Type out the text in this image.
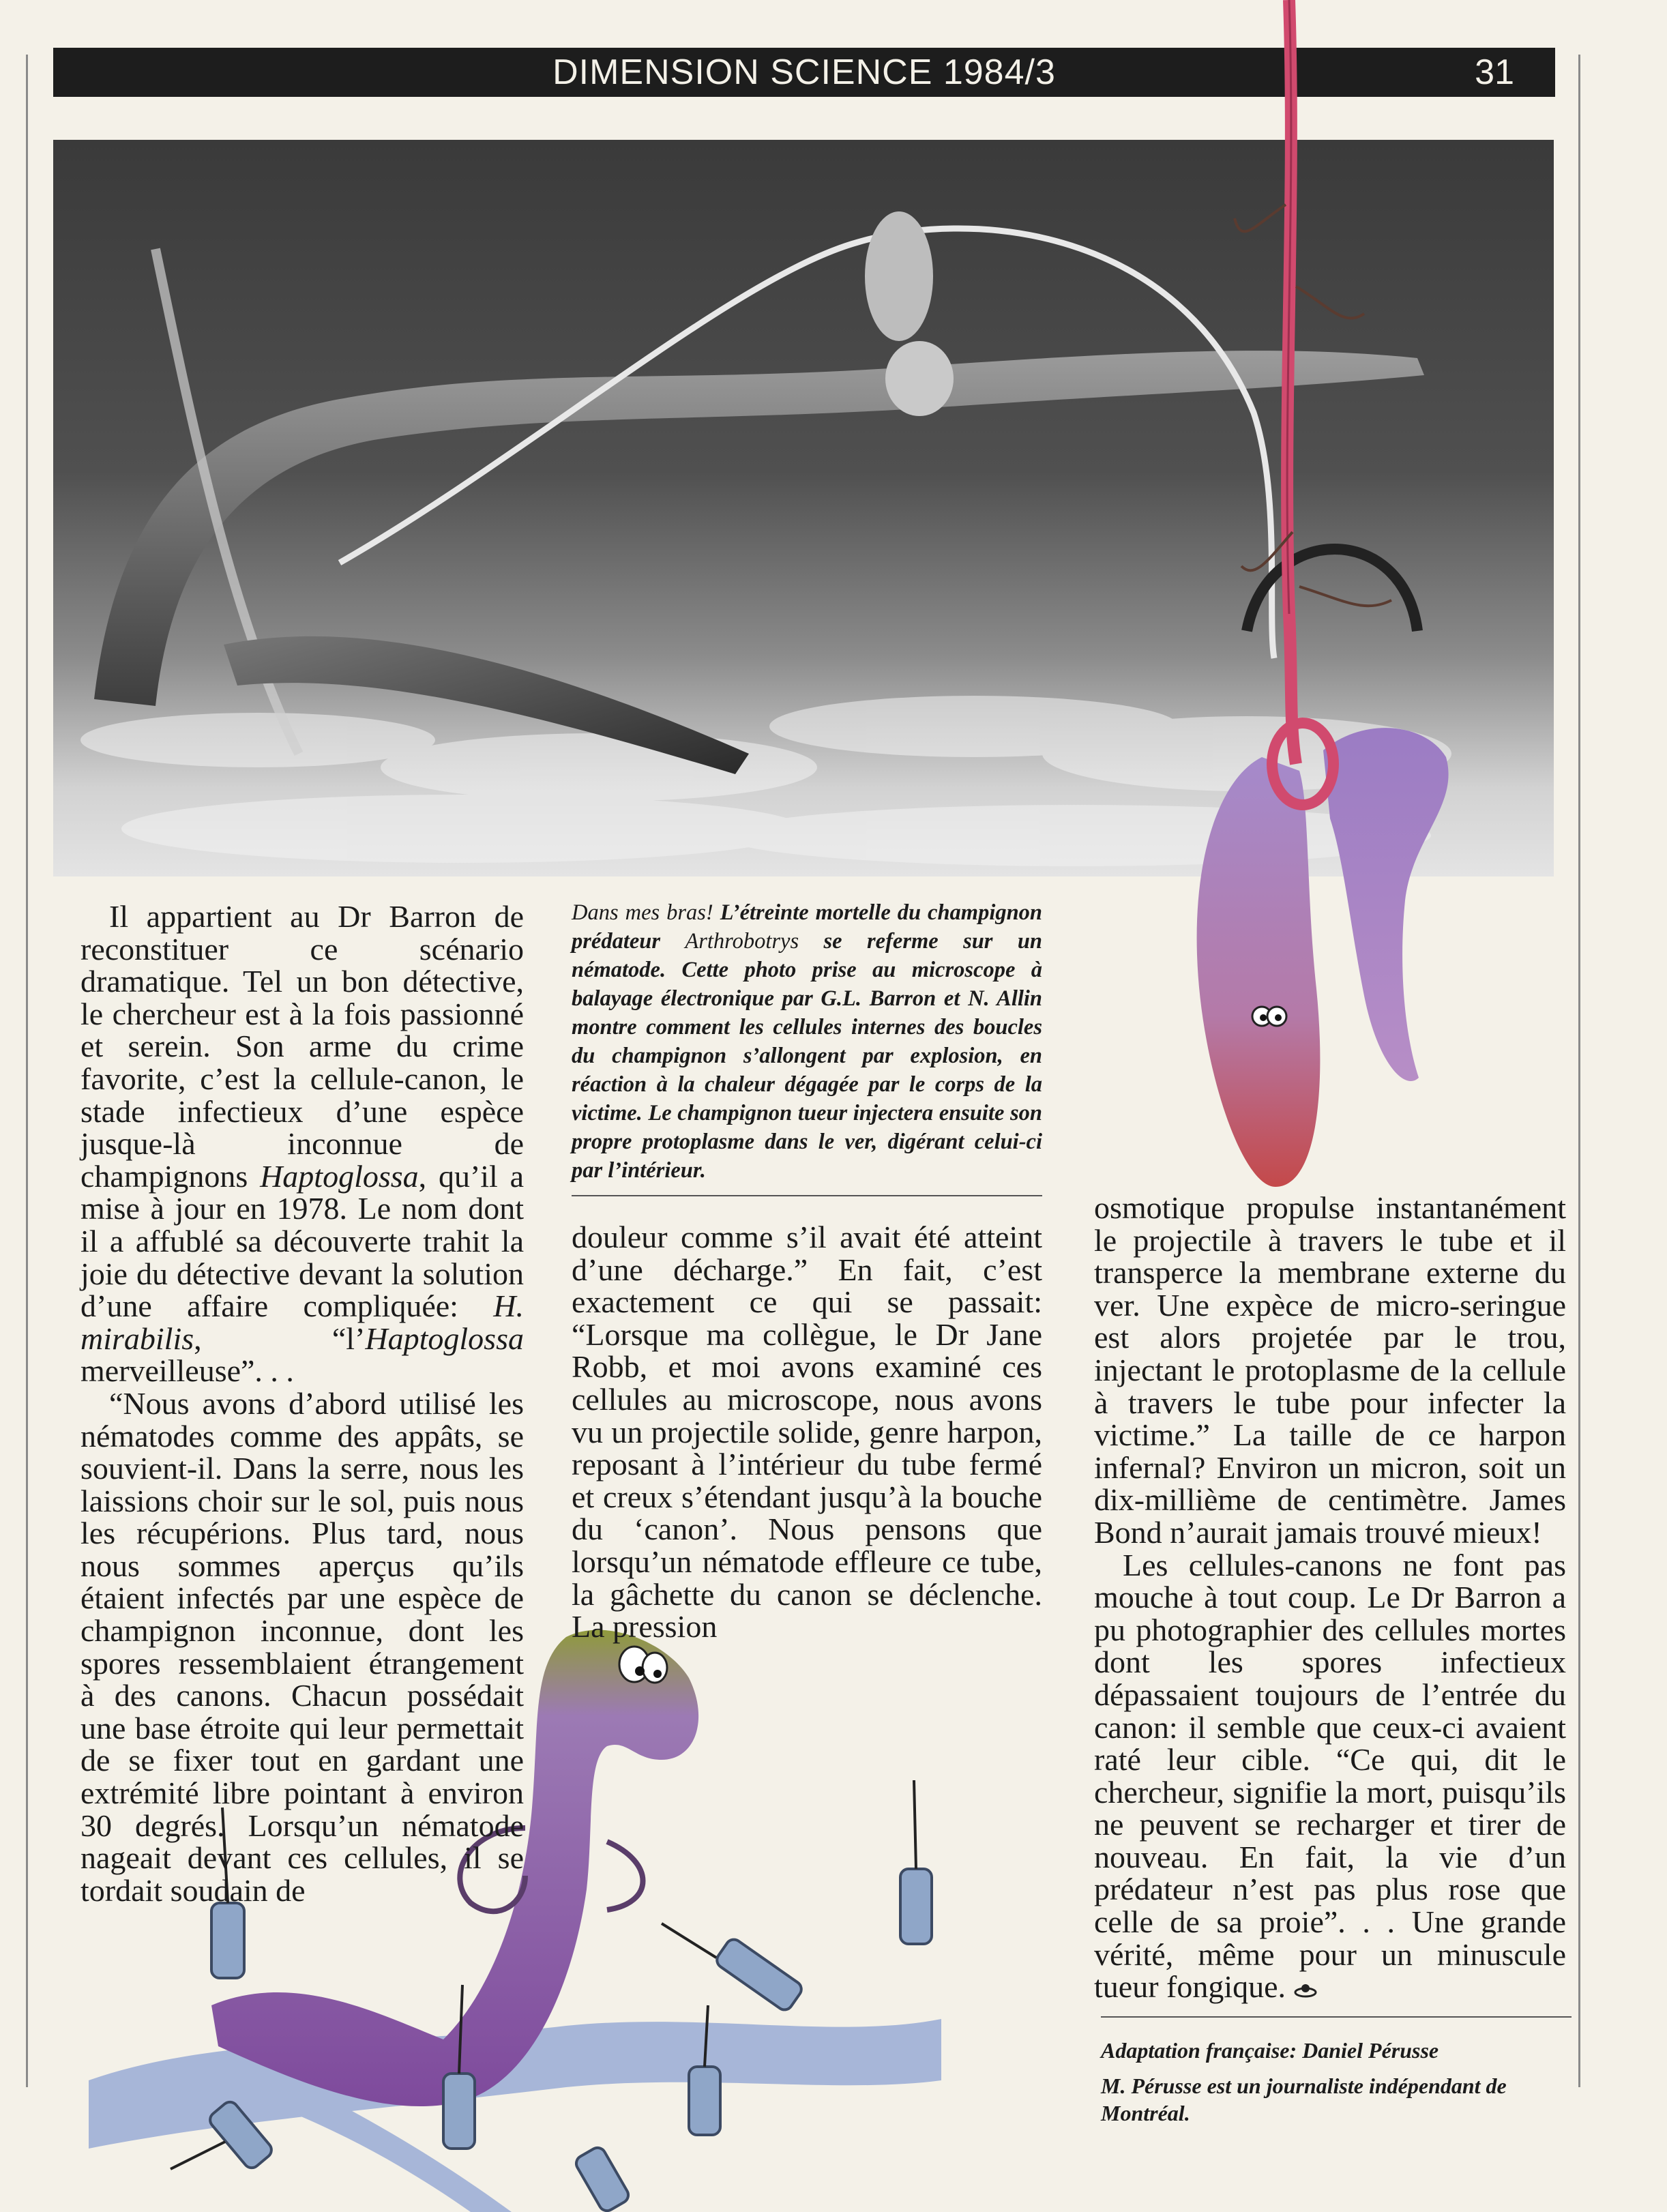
DIMENSION SCIENCE 1984/3	31

Il appartient au Dr Barron de reconstituer ce scénario dramatique. Tel un bon détective, le chercheur est à la fois passionné et serein. Son arme du crime favorite, c’est la cellule-canon, le stade infectieux d’une espèce jusque-là inconnue de champignons Haptoglossa, qu’il a mise à jour en 1978. Le nom dont il a affublé sa découverte trahit la joie du détective devant la solution d’une affaire compliquée: H. mirabilis, “l’Haptoglossa merveilleuse”. . .

“Nous avons d’abord utilisé les nématodes comme des appâts, se souvient-il. Dans la serre, nous les laissions choir sur le sol, puis nous les récupérions. Plus tard, nous nous sommes aperçus qu’ils étaient infectés par une espèce de champignon inconnue, dont les spores ressemblaient étrangement à des canons. Chacun possédait une base étroite qui leur permettait de se fixer tout en gardant une extrémité libre pointant à environ 30 degrés. Lorsqu’un nématode nageait devant ces cellules, il se tordait soudain de

Dans mes bras! L’étreinte mortelle du champignon prédateur Arthrobotrys se referme sur un nématode. Cette photo prise au microscope à balayage électronique par G.L. Barron et N. Allin montre comment les cellules internes des boucles du champignon s’allongent par explosion, en réaction à la chaleur dégagée par le corps de la victime. Le champignon tueur injectera ensuite son propre protoplasme dans le ver, digérant celui-ci par l’intérieur.

douleur comme s’il avait été atteint d’une décharge.” En fait, c’est exactement ce qui se passait: “Lorsque ma collègue, le Dr Jane Robb, et moi avons examiné ces cellules au microscope, nous avons vu un projectile solide, genre harpon, reposant à l’intérieur du tube fermé et creux s’étendant jusqu’à la bouche du ‘canon’. Nous pensons que lorsqu’un nématode effleure ce tube, la gâchette du canon se déclenche. La pression

osmotique propulse instantanément le projectile à travers le tube et il transperce la membrane externe du ver. Une expèce de micro-seringue est alors projetée par le trou, injectant le protoplasme de la cellule à travers le tube pour infecter la victime.” La taille de ce harpon infernal? Environ un micron, soit un dix-millième de centimètre. James Bond n’aurait jamais trouvé mieux!

Les cellules-canons ne font pas mouche à tout coup. Le Dr Barron a pu photographier des cellules mortes dont les spores infectieux dépassaient toujours de l’entrée du canon: il semble que ceux-ci avaient raté leur cible. “Ce qui, dit le chercheur, signifie la mort, puisqu’ils ne peuvent se recharger et tirer de nouveau. En fait, la vie d’un prédateur n’est pas plus rose que celle de sa proie”. . . Une grande vérité, même pour un minuscule tueur fongique.

Adaptation française: Daniel Pérusse

M. Pérusse est un journaliste indépendant de Montréal.
